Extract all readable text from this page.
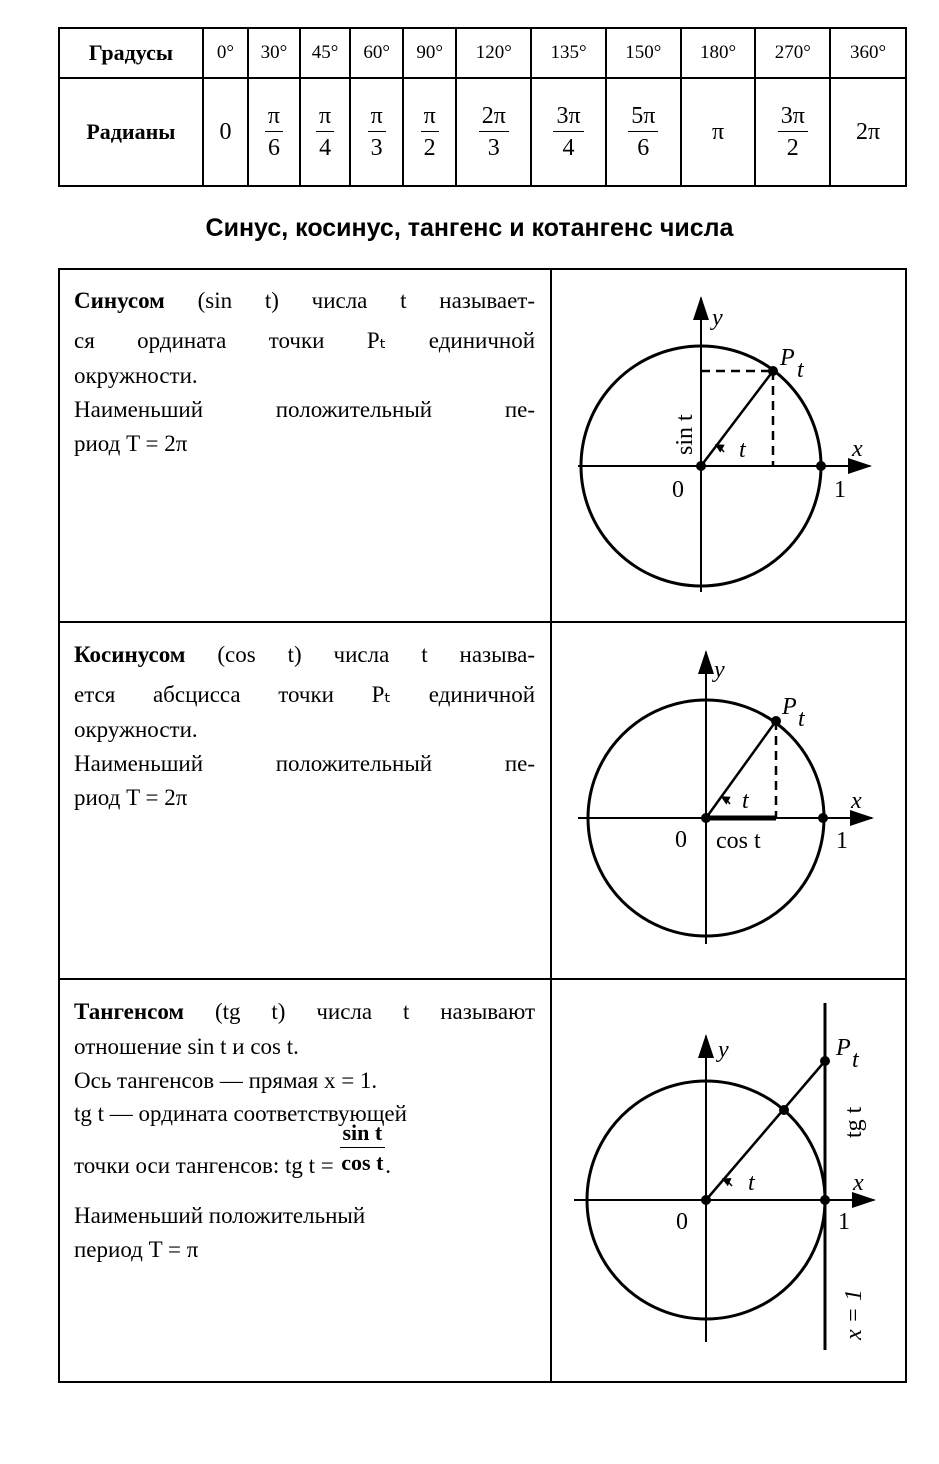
Градусы	0°	30°	45°	60°	90°	120°	135°	150°	180°	270°	360°
Радианы	0	$\frac{\pi}{6}$	$\frac{\pi}{4}$	$\frac{\pi}{3}$	$\frac{\pi}{2}$	$\frac{2\pi}{3}$	$\frac{3\pi}{4}$	$\frac{5\pi}{6}$	π	$\frac{3\pi}{2}$	2π
Синус, косинус, тангенс и котангенс числа
Синусом (sin t) числа t называет-
ся ордината точки Pₜ единичной
окружности.
Наименьший положительный пе-
риод T = 2π
Косинусом (cos t) числа t называ-
ется абсцисса точки Pₜ единичной
окружности.
Наименьший положительный пе-
риод T = 2π
Тангенсом (tg t) числа t называют
отношение sin t и cos t.
Ось тангенсов — прямая x = 1.
tg t — ордината соответствующей
точки оси тангенсов: tg $t = \frac{\text{sin t}}{\text{cos t}}$ .
Наименьший положительный
период T = π
y
x
0	1
P t
t
sin t
y
x
0	1
P t
t
cos t
y
x
0	1
P t
t
tg t
x = 1
